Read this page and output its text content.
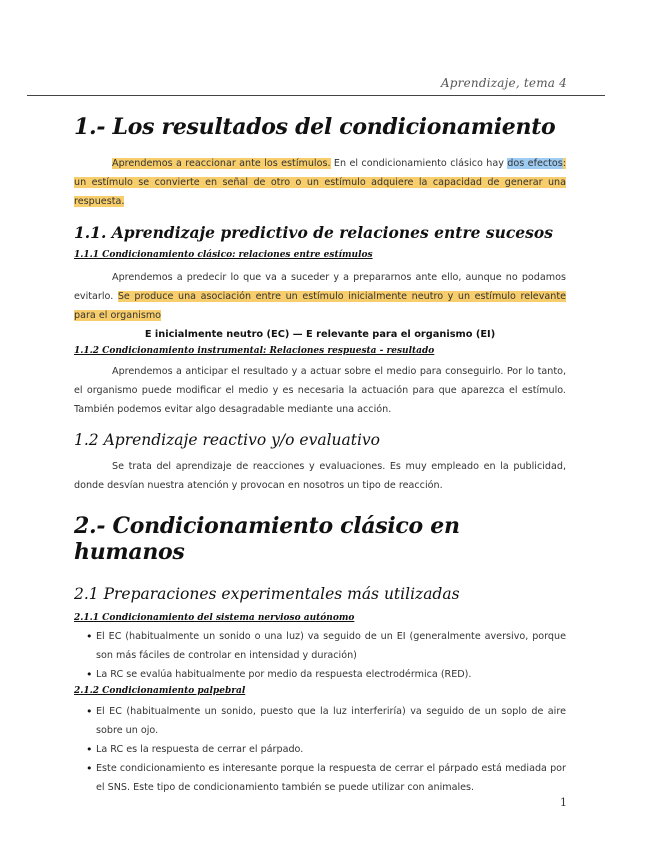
Aprendizaje, tema 4
1.- Los resultados del condicionamiento

Aprendemos a reaccionar ante los estímulos. En el condicionamiento clásico hay dos efectos: un estímulo se convierte en señal de otro o un estímulo adquiere la capacidad de generar una respuesta.

1.1. Aprendizaje predictivo de relaciones entre sucesos
1.1.1 Condicionamiento clásico: relaciones entre estímulos

Aprendemos a predecir lo que va a suceder y a prepararnos ante ello, aunque no podamos evitarlo. Se produce una asociación entre un estímulo inicialmente neutro y un estímulo relevante para el organismo

E inicialmente neutro (EC) — E relevante para el organismo (EI)

1.1.2 Condicionamiento instrumental: Relaciones respuesta - resultado

Aprendemos a anticipar el resultado y a actuar sobre el medio para conseguirlo. Por lo tanto, el organismo puede modificar el medio y es necesaria la actuación para que aparezca el estímulo. También podemos evitar algo desagradable mediante una acción.

1.2 Aprendizaje reactivo y/o evaluativo

Se trata del aprendizaje de reacciones y evaluaciones. Es muy empleado en la publicidad, donde desvían nuestra atención y provocan en nosotros un tipo de reacción.

2.- Condicionamiento clásico en humanos
2.1 Preparaciones experimentales más utilizadas
2.1.1 Condicionamiento del sistema nervioso autónomo
• El EC (habitualmente un sonido o una luz) va seguido de un EI (generalmente aversivo, porque son más fáciles de controlar en intensidad y duración)
• La RC se evalúa habitualmente por medio da respuesta electrodérmica (RED).
2.1.2 Condicionamiento palpebral
• El EC (habitualmente un sonido, puesto que la luz interferiría) va seguido de un soplo de aire sobre un ojo.
• La RC es la respuesta de cerrar el párpado.
• Este condicionamiento es interesante porque la respuesta de cerrar el párpado está mediada por el SNS. Este tipo de condicionamiento también se puede utilizar con animales.
1
